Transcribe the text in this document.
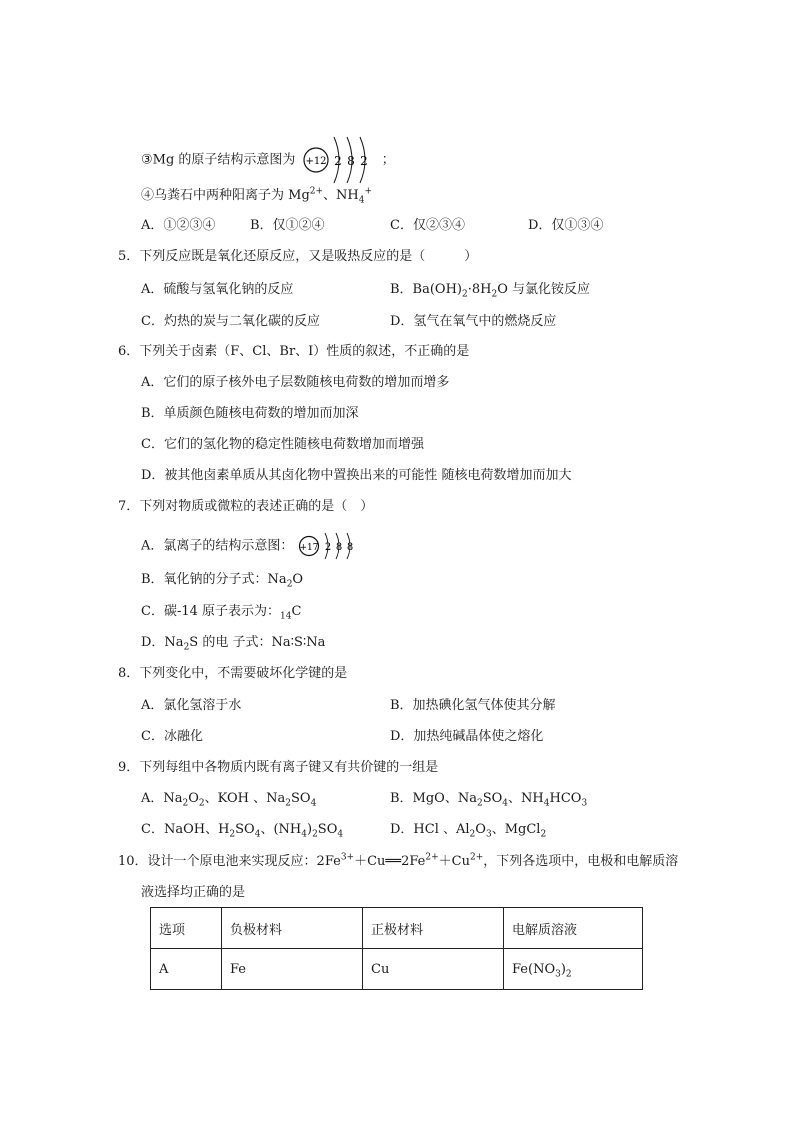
③Mg 的原子结构示意图为 +12 2 8 2 ；
④乌粪石中两种阳离子为 $Mg^{2+}$、$NH_4^+$
A．①②③④	B．仅①②④	C．仅②③④	D．仅①③④
5．下列反应既是氧化还原反应，又是吸热反应的是（　　　）
A．硫酸与氢氧化钠的反应	B．$Ba(OH)_2\cdot 8H_2O$ 与氯化铵反应
C．灼热的炭与二氧化碳的反应	D．氢气在氧气中的燃烧反应
6．下列关于卤素（F、Cl、Br、I）性质的叙述，不正确的是
A．它们的原子核外电子层数随核电荷数的增加而增多
B．单质颜色随核电荷数的增加而加深
C．它们的氢化物的稳定性随核电荷数增加而增强
D．被其他卤素单质从其卤化物中置换出来的可能性 随核电荷数增加而加大
7．下列对物质或微粒的表述正确的是（　）
A．氯离子的结构示意图： +17 2 8 8
B．氧化钠的分子式：$Na_2O$
C．碳-14 原子表示为：$_{14}$C
D．$Na_2S$ 的电 子式：Na∶S∶Na
8．下列变化中，不需要破坏化学键的是
A．氯化氢溶于水	B．加热碘化氢气体使其分解
C．冰融化	D．加热纯碱晶体使之熔化
9．下列每组中各物质内既有离子键又有共价键的一组是
A．$Na_2O_2$、KOH 、$Na_2SO_4$	B．MgO、$Na_2SO_4$、$NH_4HCO_3$
C．NaOH、$H_2SO_4$、$(NH_4)_2SO_4$	D．HCl 、$Al_2O_3$、MgCl$_2$
10．设计一个原电池来实现反应：$2Fe^{3+}+Cu══2Fe^{2+}+Cu^{2+}$，下列各选项中，电极和电解质溶
液选择均正确的是
选项	负极材料	正极材料	电解质溶液
A	Fe	Cu	$Fe(NO_3)_2$
